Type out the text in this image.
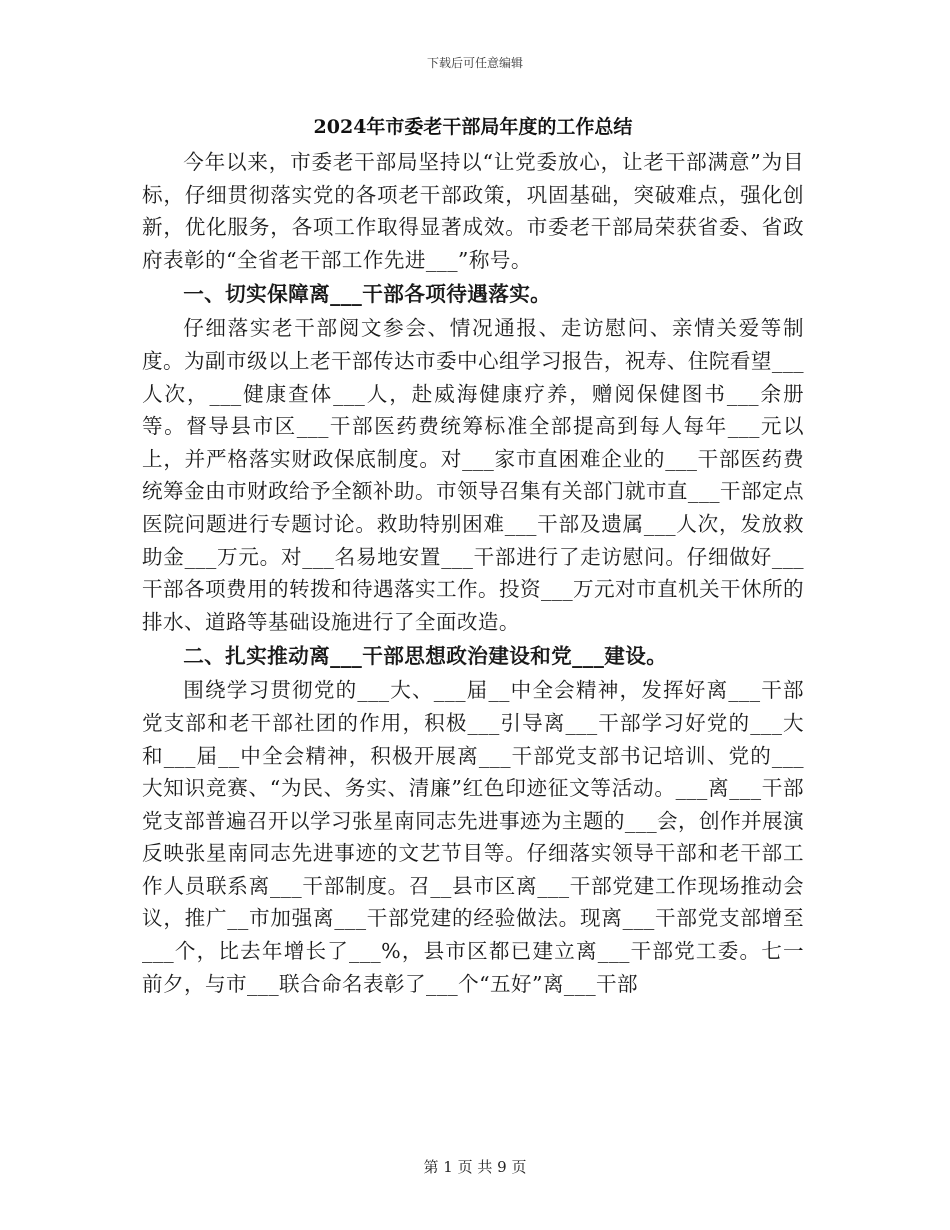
下载后可任意编辑
2024年市委老干部局年度的工作总结

今年以来，市委老干部局坚持以“让党委放心，让老干部满意”为目标，仔细贯彻落实党的各项老干部政策，巩固基础，突破难点，强化创新，优化服务，各项工作取得显著成效。市委老干部局荣获省委、省政府表彰的“全省老干部工作先进___”称号。

一、切实保障离___干部各项待遇落实。

仔细落实老干部阅文参会、情况通报、走访慰问、亲情关爱等制度。为副市级以上老干部传达市委中心组学习报告，祝寿、住院看望___人次，___健康查体___人，赴威海健康疗养，赠阅保健图书___余册等。督导县市区___干部医药费统筹标准全部提高到每人每年___元以上，并严格落实财政保底制度。对___家市直困难企业的___干部医药费统筹金由市财政给予全额补助。市领导召集有关部门就市直___干部定点医院问题进行专题讨论。救助特别困难___干部及遗属___人次，发放救助金___万元。对___名易地安置___干部进行了走访慰问。仔细做好___干部各项费用的转拨和待遇落实工作。投资___万元对市直机关干休所的排水、道路等基础设施进行了全面改造。

二、扎实推动离___干部思想政治建设和党___建设。

围绕学习贯彻党的___大、___届__中全会精神，发挥好离___干部党支部和老干部社团的作用，积极___引导离___干部学习好党的___大和___届__中全会精神，积极开展离___干部党支部书记培训、党的___大知识竞赛、“为民、务实、清廉”红色印迹征文等活动。___离___干部党支部普遍召开以学习张星南同志先进事迹为主题的___会，创作并展演反映张星南同志先进事迹的文艺节目等。仔细落实领导干部和老干部工作人员联系离___干部制度。召__县市区离___干部党建工作现场推动会议，推广__市加强离___干部党建的经验做法。现离___干部党支部增至___个，比去年增长了___%，县市区都已建立离___干部党工委。七一前夕，与市___联合命名表彰了___个“五好”离___干部

第 1 页 共 9 页
